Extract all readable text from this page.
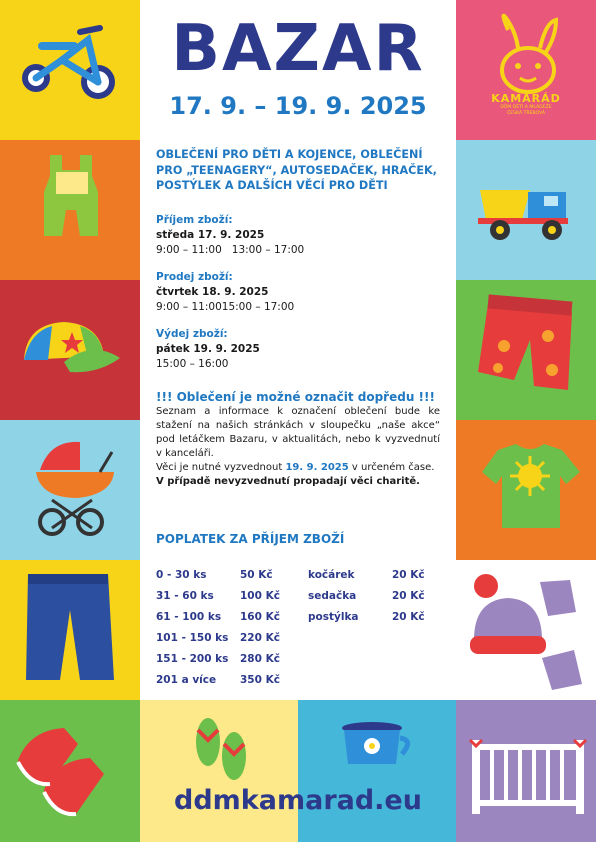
KAMARÁD
DŮM DĚTÍ A MLÁDEŽE
ČESKÁ TŘEBOVÁ
BAZAR
17. 9. – 19. 9. 2025
OBLEČENÍ PRO DĚTI A KOJENCE, OBLEČENÍ PRO „TEENAGERY“, AUTOSEDAČEK, HRAČEK, POSTÝLEK A DALŠÍCH VĚCÍ PRO DĚTI
Příjem zboží:
středa 17. 9. 2025
9:00 – 11:00   13:00 – 17:00
Prodej zboží:
čtvrtek 18. 9. 2025
9:00 – 11:0015:00 – 17:00
Výdej zboží:
pátek 19. 9. 2025
15:00 – 16:00
!!! Oblečení je možné označit dopředu !!!

Seznam a informace k označení oblečení bude ke stažení na našich stránkách v sloupečku „naše akce“ pod letáčkem Bazaru, v aktualitách, nebo k vyzvednutí v kanceláři.

Věci je nutné vyzvednout 19. 9. 2025 v určeném čase.

V případě nevyzvednutí propadají věci charitě.

POPLATEK ZA PŘÍJEM ZBOŽÍ
0 - 30 ks	50 Kč
31 - 60 ks 100 Kč
61 - 100 ks 160 Kč
101 - 150 ks 220 Kč
151 - 200 ks 280 Kč
201 a více 350 Kč
kočárek	20 Kč
sedačka	20 Kč
postýlka	20 Kč
ddmkamarad.eu
